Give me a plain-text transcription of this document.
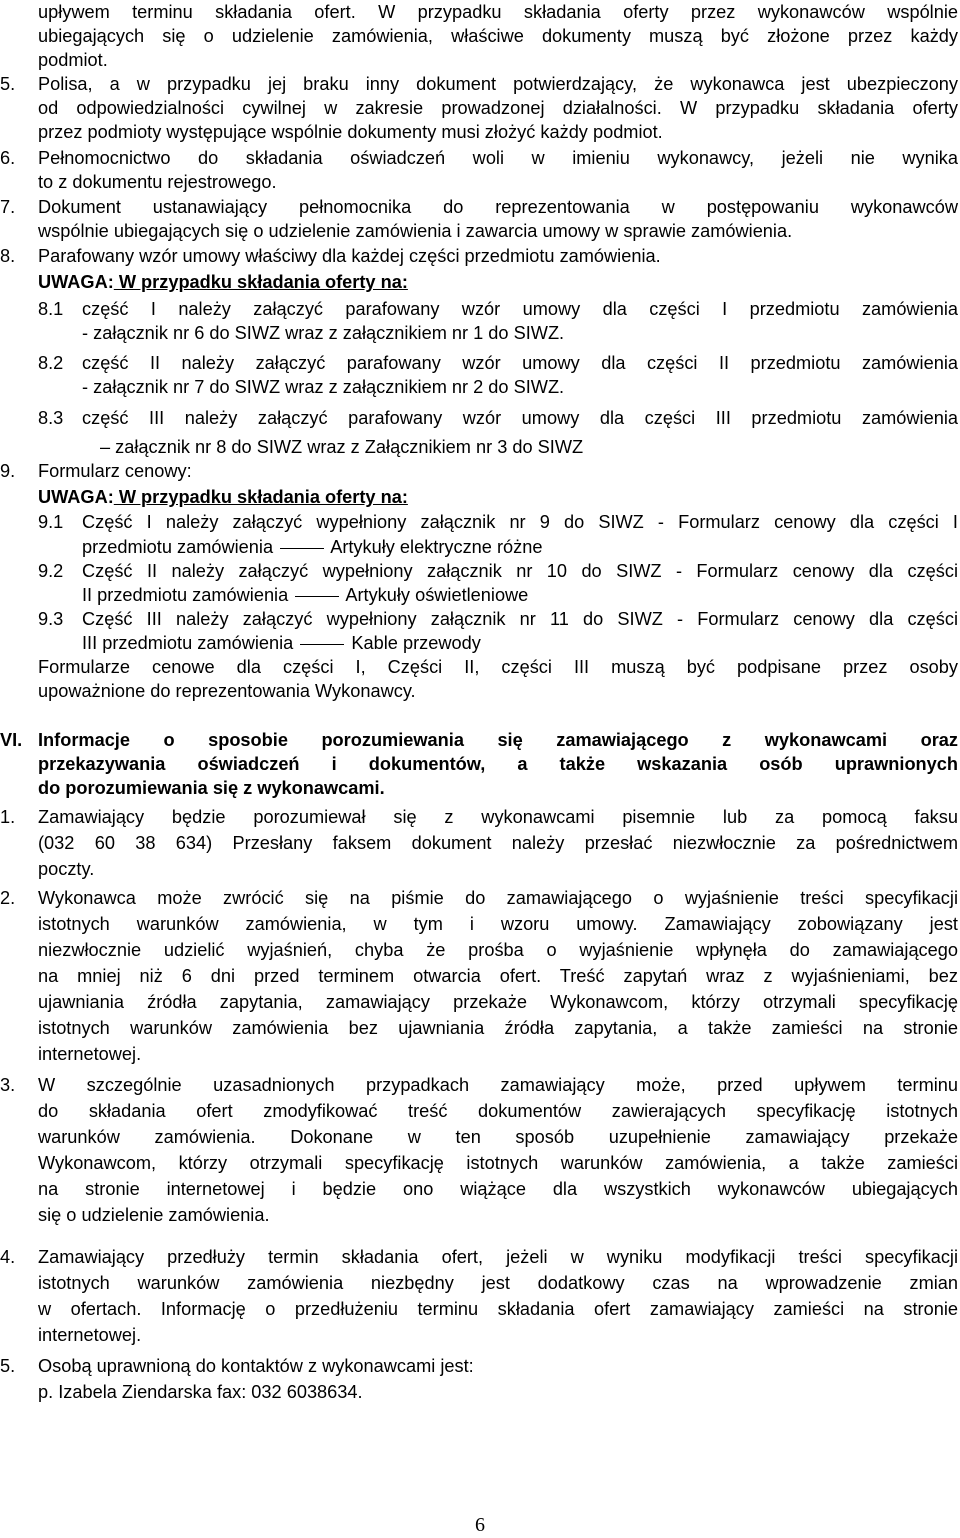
upływem terminu składania ofert. W przypadku składania oferty przez wykonawców wspólnie
ubiegających się o udzielenie zamówienia, właściwe dokumenty muszą być złożone przez każdy
podmiot.
5. Polisa, a w przypadku jej braku inny dokument potwierdzający, że wykonawca jest ubezpieczony
od odpowiedzialności cywilnej w zakresie prowadzonej działalności. W przypadku składania oferty
przez podmioty występujące wspólnie dokumenty musi złożyć każdy podmiot.
6. Pełnomocnictwo do składania oświadczeń woli w imieniu wykonawcy, jeżeli nie wynika
to z dokumentu rejestrowego.
7. Dokument ustanawiający pełnomocnika do reprezentowania w postępowaniu wykonawców
wspólnie ubiegających się o udzielenie zamówienia i zawarcia umowy w sprawie zamówienia.
8. Parafowany wzór umowy właściwy dla każdej części przedmiotu zamówienia.
UWAGA: W przypadku składania oferty na:
8.1 część I należy załączyć parafowany wzór umowy dla części I przedmiotu zamówienia
- załącznik nr 6 do SIWZ wraz z załącznikiem nr 1 do SIWZ.
8.2 część II należy załączyć parafowany wzór umowy dla części II przedmiotu zamówienia
- załącznik nr 7 do SIWZ wraz z załącznikiem nr 2 do SIWZ.
8.3 część III należy załączyć parafowany wzór umowy dla części III przedmiotu zamówienia
– załącznik nr 8 do SIWZ wraz z Załącznikiem nr 3 do SIWZ
9. Formularz cenowy:
UWAGA: W przypadku składania oferty na:
9.1 Część I należy załączyć wypełniony załącznik nr 9 do SIWZ - Formularz cenowy dla części I
przedmiotu zamówienia	Artykuły elektryczne różne
9.2 Część II należy załączyć wypełniony załącznik nr 10 do SIWZ - Formularz cenowy dla części
II przedmiotu zamówienia	Artykuły oświetleniowe
9.3 Część III należy załączyć wypełniony załącznik nr 11 do SIWZ - Formularz cenowy dla części
III przedmiotu zamówienia	Kable przewody
Formularze cenowe dla części I, Części II, części III muszą być podpisane przez osoby
upoważnione do reprezentowania Wykonawcy.
VI. Informacje o sposobie porozumiewania się zamawiającego z wykonawcami oraz
przekazywania oświadczeń i dokumentów, a także wskazania osób uprawnionych
do porozumiewania się z wykonawcami.
1. Zamawiający będzie porozumiewał się z wykonawcami pisemnie lub za pomocą faksu
(032 60 38 634) Przesłany faksem dokument należy przesłać niezwłocznie za pośrednictwem
poczty.
2. Wykonawca może zwrócić się na piśmie do zamawiającego o wyjaśnienie treści specyfikacji
istotnych warunków zamówienia, w tym i wzoru umowy. Zamawiający zobowiązany jest
niezwłocznie udzielić wyjaśnień, chyba że prośba o wyjaśnienie wpłynęła do zamawiającego
na mniej niż 6 dni przed terminem otwarcia ofert. Treść zapytań wraz z wyjaśnieniami, bez
ujawniania źródła zapytania, zamawiający przekaże Wykonawcom, którzy otrzymali specyfikację
istotnych warunków zamówienia bez ujawniania źródła zapytania, a także zamieści na stronie
internetowej.
3. W szczególnie uzasadnionych przypadkach zamawiający może, przed upływem terminu
do składania ofert zmodyfikować treść dokumentów zawierających specyfikację istotnych
warunków zamówienia. Dokonane w ten sposób uzupełnienie zamawiający przekaże
Wykonawcom, którzy otrzymali specyfikację istotnych warunków zamówienia, a także zamieści
na stronie internetowej i będzie ono wiążące dla wszystkich wykonawców ubiegających
się o udzielenie zamówienia.
4. Zamawiający przedłuży termin składania ofert, jeżeli w wyniku modyfikacji treści specyfikacji
istotnych warunków zamówienia niezbędny jest dodatkowy czas na wprowadzenie zmian
w ofertach. Informację o przedłużeniu terminu składania ofert zamawiający zamieści na stronie
internetowej.
5. Osobą uprawnioną do kontaktów z wykonawcami jest:
p. Izabela Ziendarska fax: 032 6038634.
6
